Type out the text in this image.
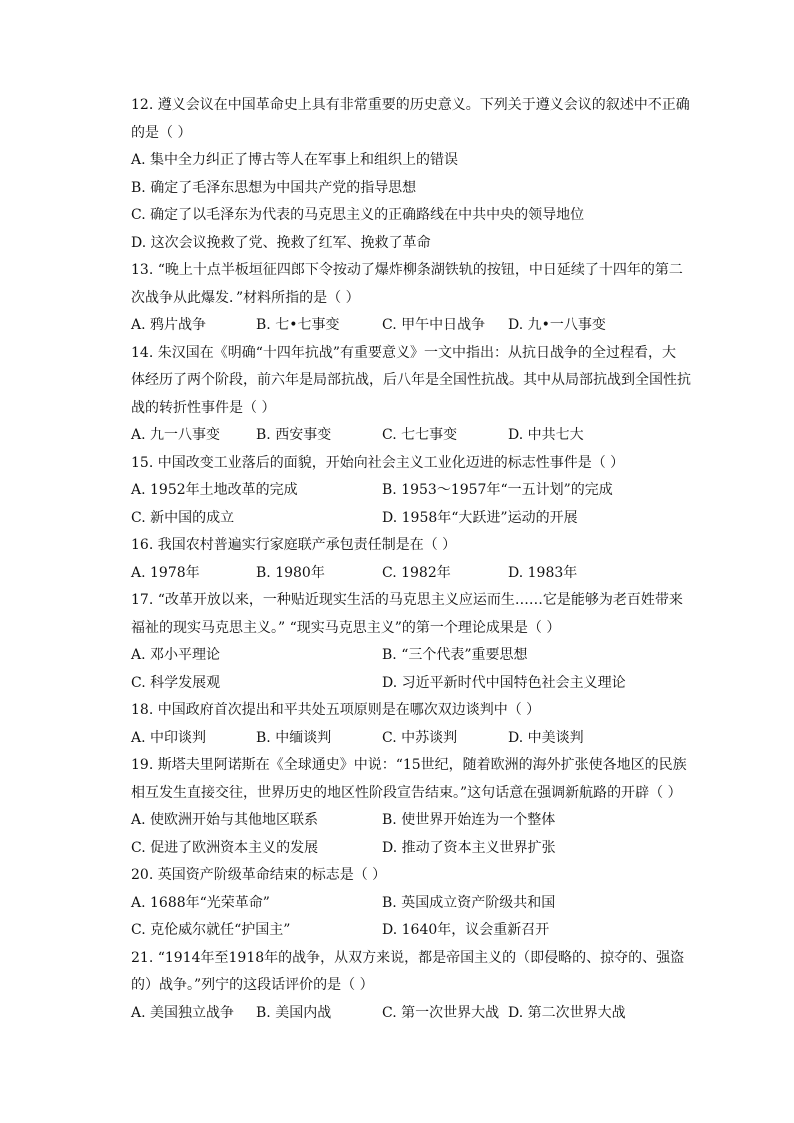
12. 遵义会议在中国革命史上具有非常重要的历史意义。下列关于遵义会议的叙述中不正确
的是（ ）
A. 集中全力纠正了博古等人在军事上和组织上的错误
B. 确定了毛泽东思想为中国共产党的指导思想
C. 确定了以毛泽东为代表的马克思主义的正确路线在中共中央的领导地位
D. 这次会议挽救了党、挽救了红军、挽救了革命
13. “晚上十点半板垣征四郎下令按动了爆炸柳条湖铁轨的按钮，中日延续了十四年的第二
次战争从此爆发．”材料所指的是（ ）
A. 鸦片战争	B. 七•七事变	C. 甲午中日战争 D. 九•一八事变
14. 朱汉国在《明确“十四年抗战”有重要意义》一文中指出：从抗日战争的全过程看，大
体经历了两个阶段，前六年是局部抗战，后八年是全国性抗战。其中从局部抗战到全国性抗
战的转折性事件是（ ）
A. 九一八事变	B. 西安事变	C. 七七事变	D. 中共七大
15. 中国改变工业落后的面貌，开始向社会主义工业化迈进的标志性事件是（ ）
A. 1952年土地改革的完成	B. 1953～1957年“一五计划”的完成
C. 新中国的成立	D. 1958年“大跃进”运动的开展
16. 我国农村普遍实行家庭联产承包责任制是在（ ）
A. 1978年	B. 1980年	C. 1982年	D. 1983年
17. “改革开放以来，一种贴近现实生活的马克思主义应运而生……它是能够为老百姓带来
福祉的现实马克思主义。” “现实马克思主义”的第一个理论成果是（ ）
A. 邓小平理论	B. “三个代表”重要思想
C. 科学发展观	D. 习近平新时代中国特色社会主义理论
18. 中国政府首次提出和平共处五项原则是在哪次双边谈判中（ ）
A. 中印谈判	B. 中缅谈判	C. 中苏谈判	D. 中美谈判
19. 斯塔夫里阿诺斯在《全球通史》中说：“15世纪，随着欧洲的海外扩张使各地区的民族
相互发生直接交往，世界历史的地区性阶段宣告结束。”这句话意在强调新航路的开辟（ ）
A. 使欧洲开始与其他地区联系	B. 使世界开始连为一个整体
C. 促进了欧洲资本主义的发展	D. 推动了资本主义世界扩张
20. 英国资产阶级革命结束的标志是（ ）
A. 1688年“光荣革命”	B. 英国成立资产阶级共和国
C. 克伦威尔就任“护国主”	D. 1640年，议会重新召开
21. “1914年至1918年的战争，从双方来说，都是帝国主义的（即侵略的、掠夺的、强盗
的）战争。”列宁的这段话评价的是（ ）
A. 美国独立战争 B. 美国内战	C. 第一次世界大战 D. 第二次世界大战
